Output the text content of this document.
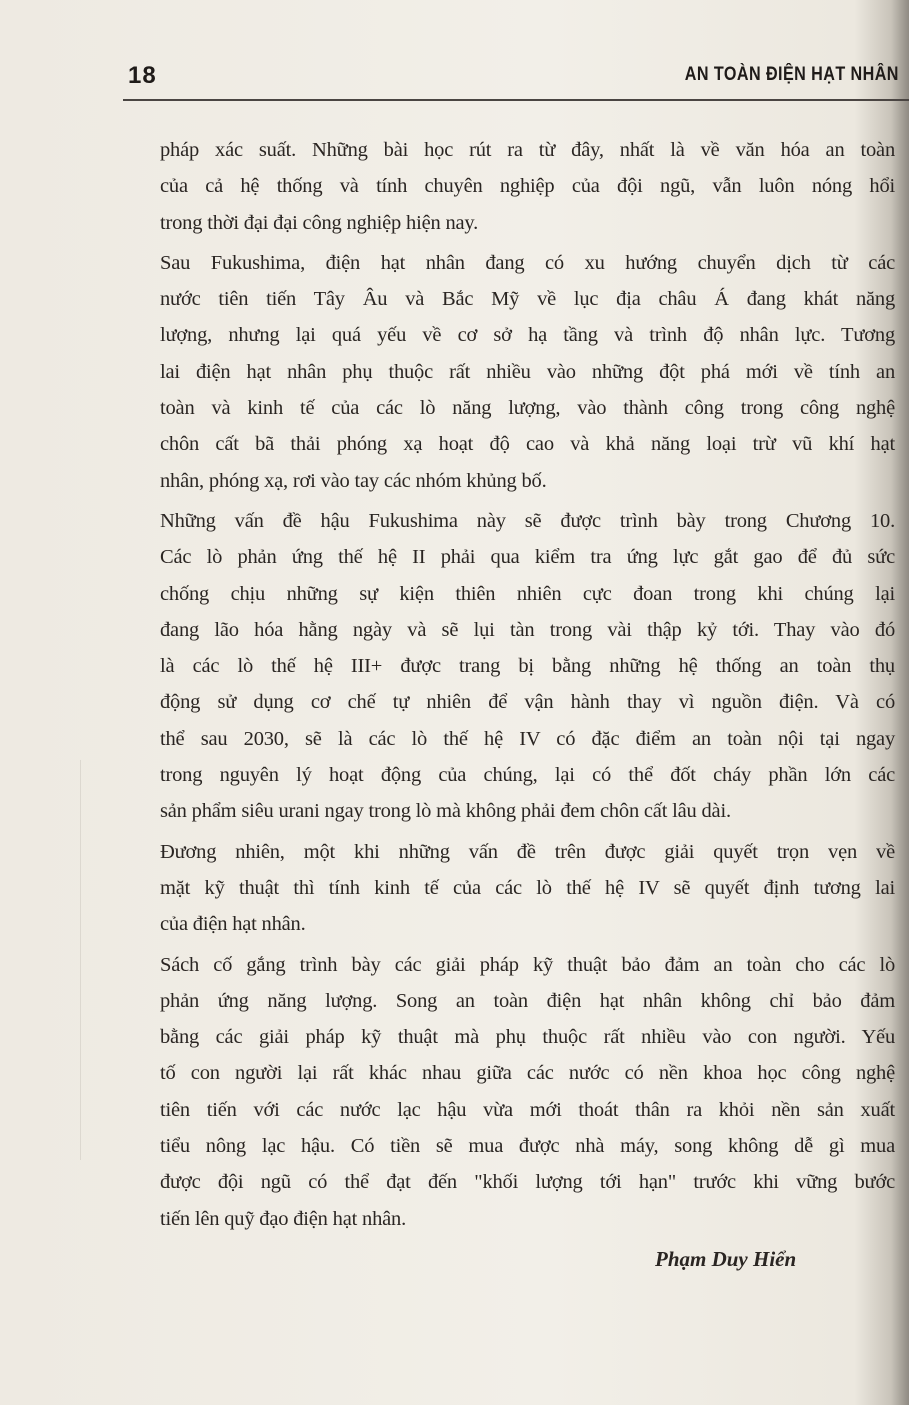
18	AN TOÀN ĐIỆN HẠT NHÂN
pháp xác suất. Những bài học rút ra từ đây, nhất là về văn hóa an toàn
của cả hệ thống và tính chuyên nghiệp của đội ngũ, vẫn luôn nóng hổi
trong thời đại đại công nghiệp hiện nay.
Sau Fukushima, điện hạt nhân đang có xu hướng chuyển dịch từ các
nước tiên tiến Tây Âu và Bắc Mỹ về lục địa châu Á đang khát năng
lượng, nhưng lại quá yếu về cơ sở hạ tầng và trình độ nhân lực. Tương
lai điện hạt nhân phụ thuộc rất nhiều vào những đột phá mới về tính an
toàn và kinh tế của các lò năng lượng, vào thành công trong công nghệ
chôn cất bã thải phóng xạ hoạt độ cao và khả năng loại trừ vũ khí hạt
nhân, phóng xạ, rơi vào tay các nhóm khủng bố.
Những vấn đề hậu Fukushima này sẽ được trình bày trong Chương 10.
Các lò phản ứng thế hệ II phải qua kiểm tra ứng lực gắt gao để đủ sức
chống chịu những sự kiện thiên nhiên cực đoan trong khi chúng lại
đang lão hóa hằng ngày và sẽ lụi tàn trong vài thập kỷ tới. Thay vào đó
là các lò thế hệ III+ được trang bị bằng những hệ thống an toàn thụ
động sử dụng cơ chế tự nhiên để vận hành thay vì nguồn điện. Và có
thể sau 2030, sẽ là các lò thế hệ IV có đặc điểm an toàn nội tại ngay
trong nguyên lý hoạt động của chúng, lại có thể đốt cháy phần lớn các
sản phẩm siêu urani ngay trong lò mà không phải đem chôn cất lâu dài.
Đương nhiên, một khi những vấn đề trên được giải quyết trọn vẹn về
mặt kỹ thuật thì tính kinh tế của các lò thế hệ IV sẽ quyết định tương lai
của điện hạt nhân.
Sách cố gắng trình bày các giải pháp kỹ thuật bảo đảm an toàn cho các lò
phản ứng năng lượng. Song an toàn điện hạt nhân không chỉ bảo đảm
bằng các giải pháp kỹ thuật mà phụ thuộc rất nhiều vào con người. Yếu
tố con người lại rất khác nhau giữa các nước có nền khoa học công nghệ
tiên tiến với các nước lạc hậu vừa mới thoát thân ra khỏi nền sản xuất
tiểu nông lạc hậu. Có tiền sẽ mua được nhà máy, song không dễ gì mua
được đội ngũ có thể đạt đến "khối lượng tới hạn" trước khi vững bước
tiến lên quỹ đạo điện hạt nhân.
Phạm Duy Hiển
